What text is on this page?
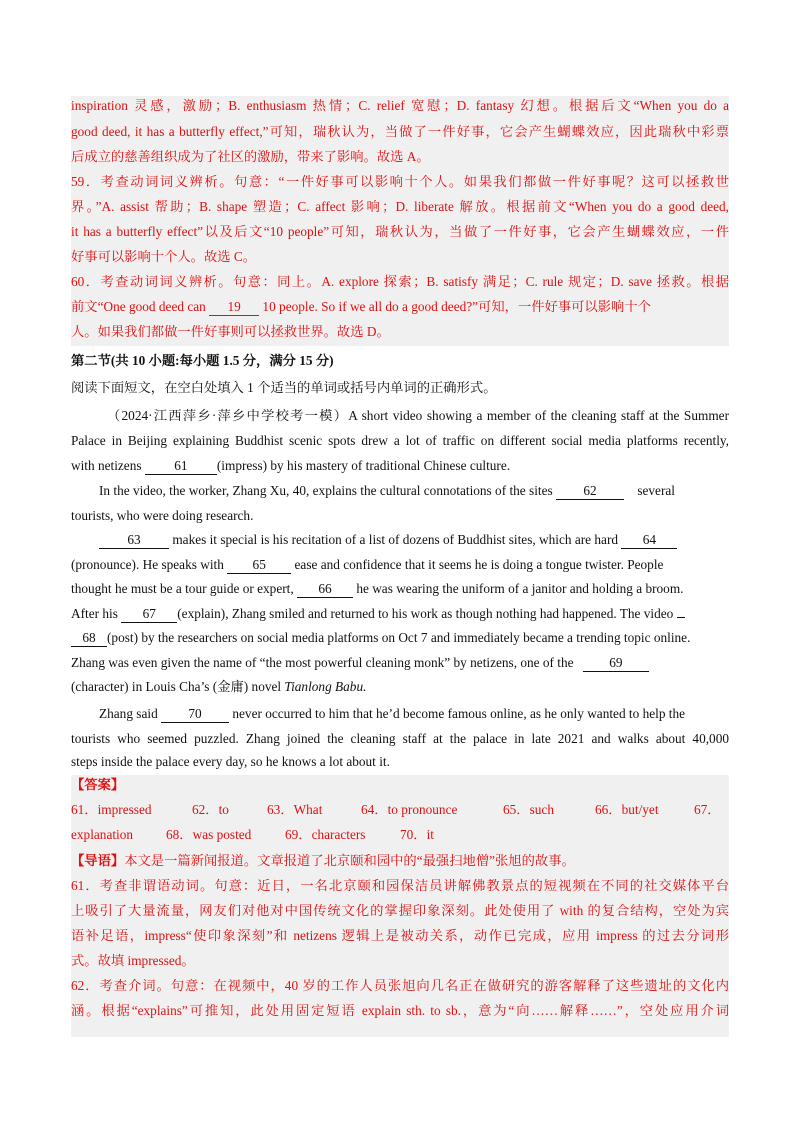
inspiration 灵感，激励；B. enthusiasm 热情；C. relief 宽慰；D. fantasy 幻想。根据后文“When you do a
good deed, it has a butterfly effect,”可知，瑞秋认为，当做了一件好事，它会产生蝴蝶效应，因此瑞秋中彩票
后成立的慈善组织成为了社区的激励，带来了影响。故选 A。
59．考查动词词义辨析。句意：“一件好事可以影响十个人。如果我们都做一件好事呢？这可以拯救世
界。”A. assist 帮助；B. shape 塑造；C. affect 影响；D. liberate 解放。根据前文“When you do a good deed,
it has a butterfly effect”以及后文“10 people”可知，瑞秋认为，当做了一件好事，它会产生蝴蝶效应，一件
好事可以影响十个人。故选 C。
60．考查动词词义辨析。句意：同上。A. explore 探索；B. satisfy 满足；C. rule 规定；D. save 拯救。根据
前文“One good deed can 19 10 people. So if we all do a good deed?”可知，一件好事可以影响十个
人。如果我们都做一件好事则可以拯救世界。故选 D。
第二节(共 10 小题:每小题 1.5 分，满分 15 分)
阅读下面短文，在空白处填入 1 个适当的单词或括号内单词的正确形式。
（2024·江西萍乡·萍乡中学校考一模）A short video showing a member of the cleaning staff at the Summer
Palace in Beijing explaining Buddhist scenic spots drew a lot of traffic on different social media platforms recently,
with netizens 61 (impress) by his mastery of traditional Chinese culture.
In the video, the worker, Zhang Xu, 40, explains the cultural connotations of the sites 62	several
tourists, who were doing research.
63 makes it special is his recitation of a list of dozens of Buddhist sites, which are hard 64
(pronounce). He speaks with 65 ease and confidence that it seems he is doing a tongue twister. People
thought he must be a tour guide or expert, 66 he was wearing the uniform of a janitor and holding a broom.
After his 67 (explain), Zhang smiled and returned to his work as though nothing had happened. The video
68 (post) by the researchers on social media platforms on Oct 7 and immediately became a trending topic online.
Zhang was even given the name of “the most powerful cleaning monk” by netizens, one of the 69
(character) in Louis Cha’s (金庸) novel Tianlong Babu.
Zhang said 70 never occurred to him that he’d become famous online, as he only wanted to help the
tourists who seemed puzzled. Zhang joined the cleaning staff at the palace in late 2021 and walks about 40,000
steps inside the palace every day, so he knows a lot about it.
【答案】
61．impressed	62．to	63．What	64．to pronounce	65．such	66．but/yet	67．
explanation 68．was posted	69．characters	70．it
【导语】本文是一篇新闻报道。文章报道了北京颐和园中的“最强扫地僧”张旭的故事。
61．考查非谓语动词。句意：近日，一名北京颐和园保洁员讲解佛教景点的短视频在不同的社交媒体平台
上吸引了大量流量，网友们对他对中国传统文化的掌握印象深刻。此处使用了 with 的复合结构，空处为宾
语补足语，impress“使印象深刻”和 netizens 逻辑上是被动关系，动作已完成，应用 impress 的过去分词形
式。故填 impressed。
62．考查介词。句意：在视频中，40 岁的工作人员张旭向几名正在做研究的游客解释了这些遗址的文化内
涵。根据“explains”可推知，此处用固定短语 explain sth. to sb.，意为“向……解释……”，空处应用介词
